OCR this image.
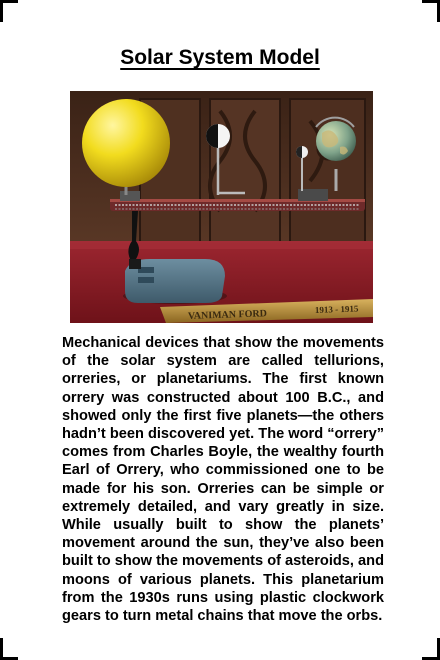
Solar System Model
VANIMAN FORD	1913 - 1915

Mechanical devices that show the movements of the solar system are called tellurions, orreries, or planetariums. The first known orrery was constructed about 100 B.C., and showed only the first five planets—the others hadn’t been discovered yet. The word “orrery” comes from Charles Boyle, the wealthy fourth Earl of Orrery, who commissioned one to be made for his son. Orreries can be simple or extremely detailed, and vary greatly in size. While usually built to show the planets’ movement around the sun, they’ve also been built to show the movements of asteroids, and moons of various planets. This planetarium from the 1930s runs using plastic clockwork gears to turn metal chains that move the orbs.
